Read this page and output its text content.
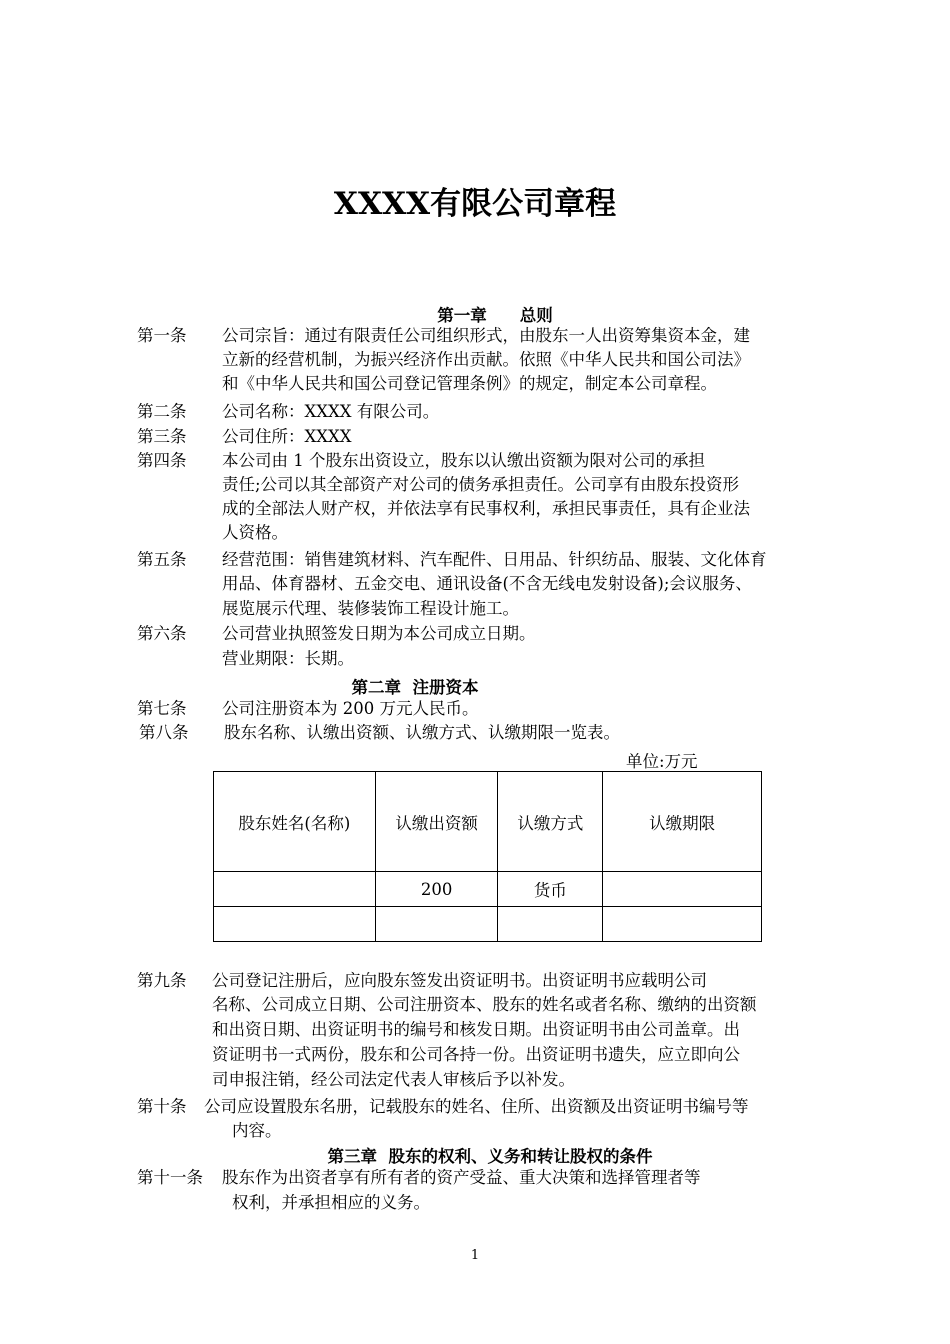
XXXX有限公司章程
第一章　　总则
第一条 公司宗旨：通过有限责任公司组织形式，由股东一人出资筹集资本金，建
立新的经营机制，为振兴经济作出贡献。依照《中华人民共和国公司法》
和《中华人民共和国公司登记管理条例》的规定，制定本公司章程。
第二条 公司名称：XXXX 有限公司。
第三条 公司住所：XXXX
第四条 本公司由 1 个股东出资设立，股东以认缴出资额为限对公司的承担
责任;公司以其全部资产对公司的债务承担责任。公司享有由股东投资形
成的全部法人财产权，并依法享有民事权利，承担民事责任，具有企业法
人资格。
第五条 经营范围：销售建筑材料、汽车配件、日用品、针织纺品、服装、文化体育
用品、体育器材、五金交电、通讯设备(不含无线电发射设备);会议服务、
展览展示代理、装修装饰工程设计施工。
第六条 公司营业执照签发日期为本公司成立日期。
营业期限：长期。
第二章  注册资本
第七条 公司注册资本为 200 万元人民币。
第八条 股东名称、认缴出资额、认缴方式、认缴期限一览表。
单位:万元
股东姓名(名称)	认缴出资额	认缴方式	认缴期限
	200	货币	

第九条 公司登记注册后，应向股东签发出资证明书。出资证明书应载明公司
名称、公司成立日期、公司注册资本、股东的姓名或者名称、缴纳的出资额
和出资日期、出资证明书的编号和核发日期。出资证明书由公司盖章。出
资证明书一式两份，股东和公司各持一份。出资证明书遗失，应立即向公
司申报注销，经公司法定代表人审核后予以补发。
第十条 公司应设置股东名册，记载股东的姓名、住所、出资额及出资证明书编号等
内容。
第三章  股东的权利、义务和转让股权的条件
第十一条 股东作为出资者享有所有者的资产受益、重大决策和选择管理者等
权利，并承担相应的义务。
1
